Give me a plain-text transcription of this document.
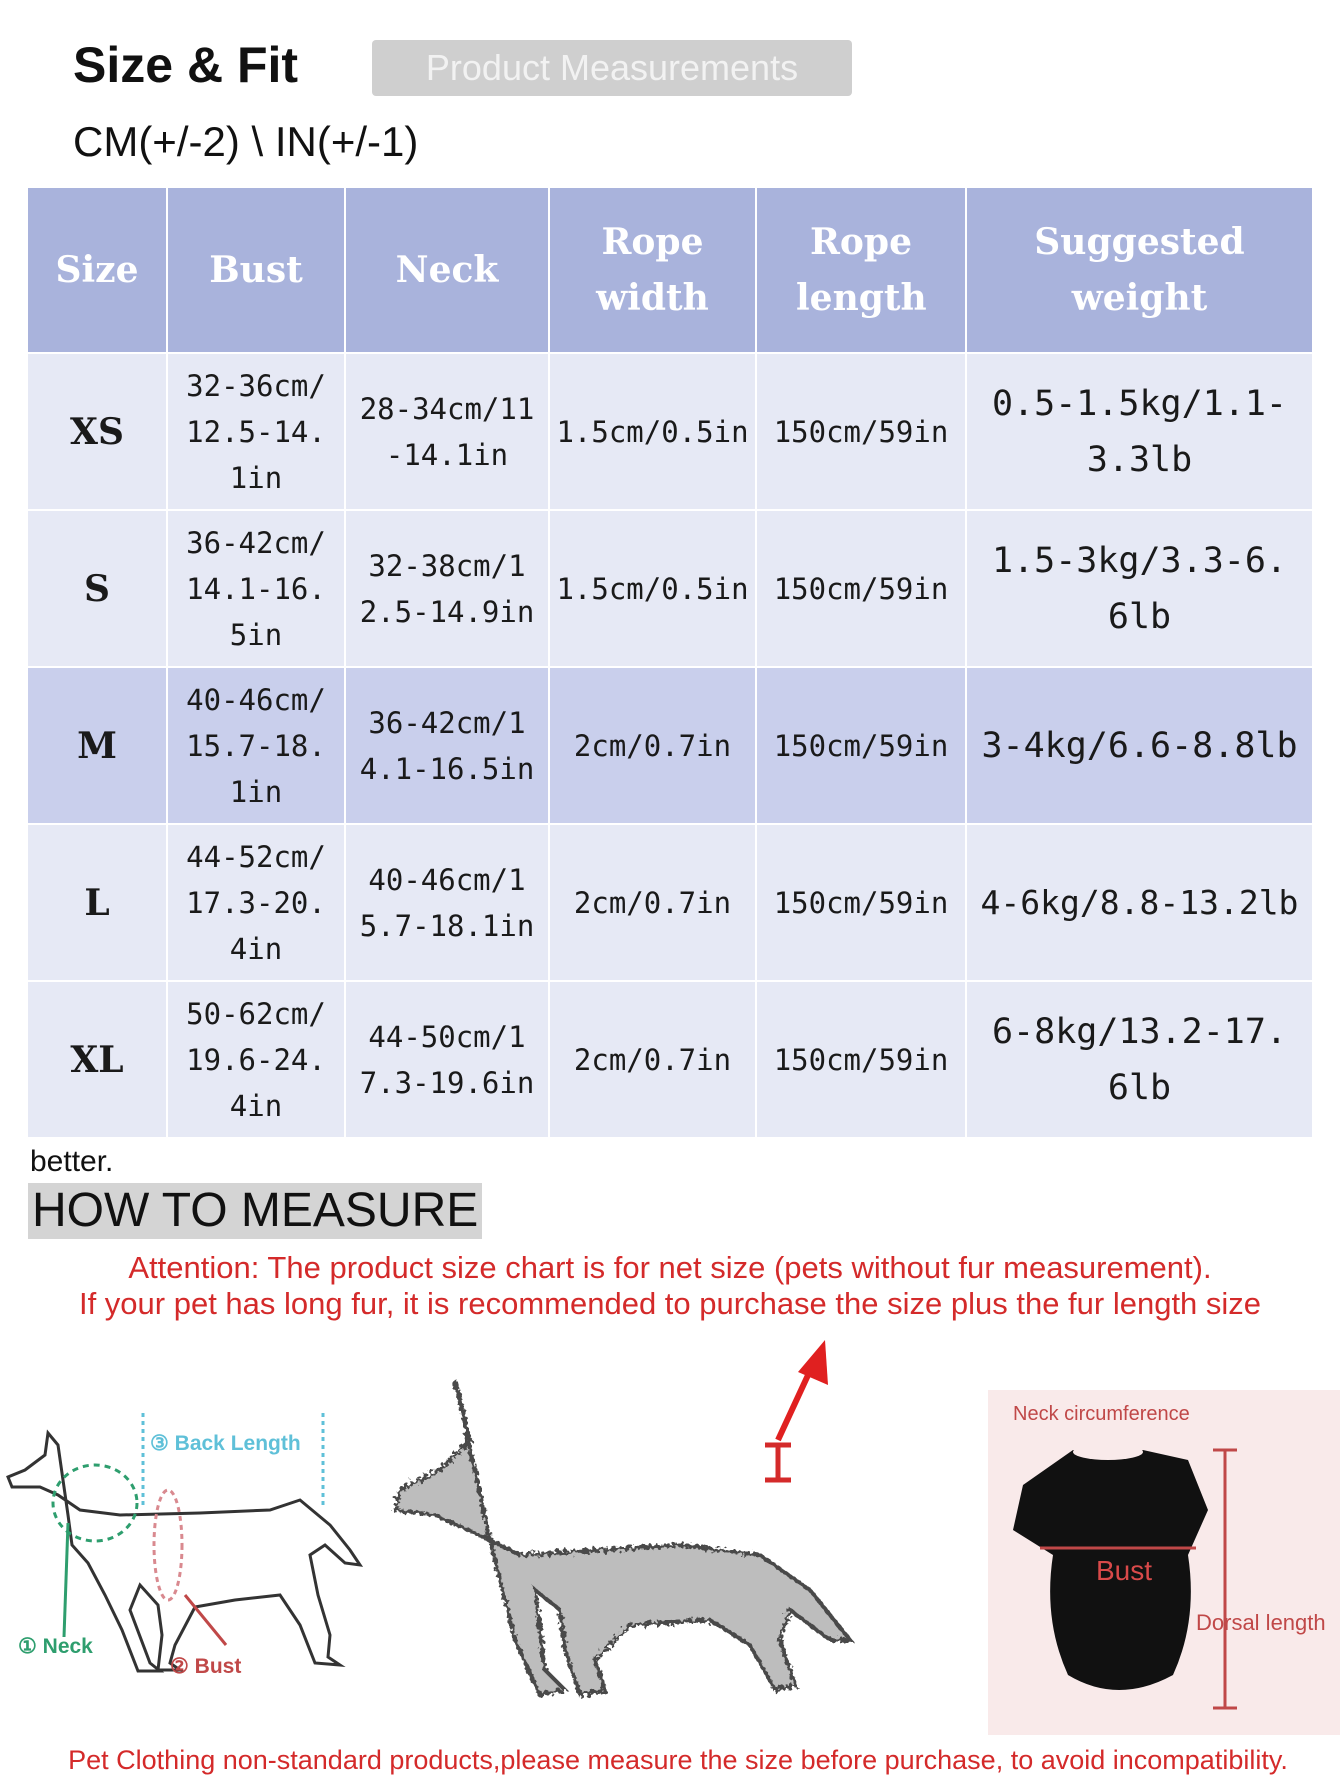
Size & Fit	Product Measurements
CM(+/-2) \ IN(+/-1)
Size	Bust	Neck	Rope width	Rope length	Suggested weight

XS	32-36cm/12.5-14.1in	28-34cm/11-14.1in	1.5cm/0.5in	150cm/59in	0.5-1.5kg/1.1-3.3lb

S	36-42cm/14.1-16.5in	32-38cm/12.5-14.9in	1.5cm/0.5in	150cm/59in	1.5-3kg/3.3-6.6lb

M	40-46cm/15.7-18.1in	36-42cm/14.1-16.5in	2cm/0.7in	150cm/59in	3-4kg/6.6-8.8lb

L	44-52cm/17.3-20.4in	40-46cm/15.7-18.1in	2cm/0.7in	150cm/59in	4-6kg/8.8-13.2lb

XL	50-62cm/19.6-24.4in	44-50cm/17.3-19.6in	2cm/0.7in	150cm/59in	6-8kg/13.2-17.6lb
better.
HOW TO MEASURE
Attention: The product size chart is for net size (pets without fur measurement).
If your pet has long fur, it is recommended to purchase the size plus the fur length size
③ Back Length
① Neck
② Bust
Neck circumference
Bust
Dorsal length
Pet Clothing non-standard products,please measure the size before purchase, to avoid incompatibility.
